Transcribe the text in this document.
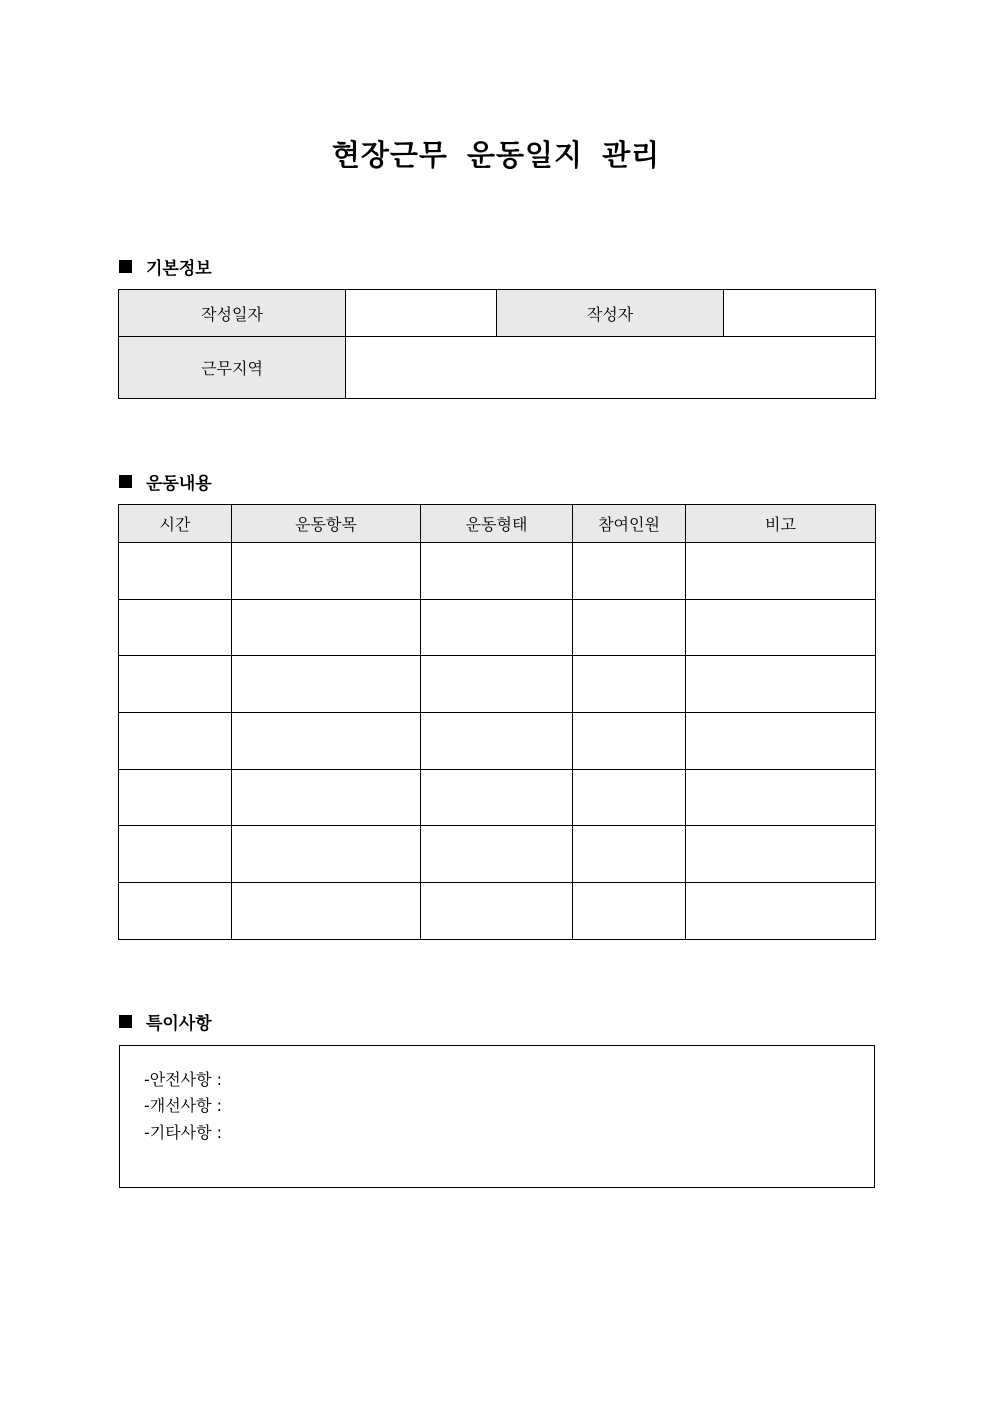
현장근무 운동일지 관리
기본정보
작성일자		작성자	
근무지역			
운동내용
시간	운동항목	운동형태	참여인원	비고

특이사항
-안전사항 :
-개선사항 :
-기타사항 :
